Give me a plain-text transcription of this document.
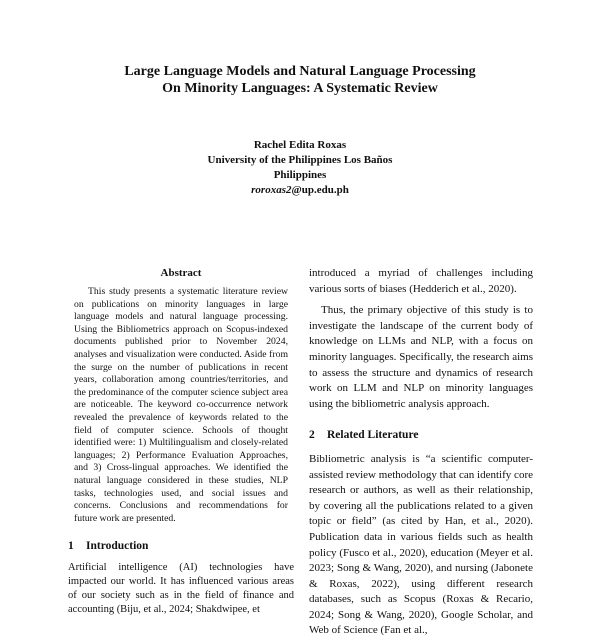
Large Language Models and Natural Language Processing
On Minority Languages: A Systematic Review
Rachel Edita Roxas
University of the Philippines Los Baños
Philippines
roroxas2@up.edu.ph
Abstract

This study presents a systematic literature review on publications on minority languages in large language models and natural language processing. Using the Bibliometrics approach on Scopus-indexed documents published prior to November 2024, analyses and visualization were conducted. Aside from the surge on the number of publications in recent years, collaboration among countries/territories, and the predominance of the computer science subject area are noticeable. The keyword co-occurrence network revealed the prevalence of keywords related to the field of computer science. Schools of thought identified were: 1) Multilingualism and closely-related languages; 2) Performance Evaluation Approaches, and 3) Cross-lingual approaches. We identified the natural language considered in these studies, NLP tasks, technologies used, and social issues and concerns. Conclusions and recommendations for future work are presented.

1 Introduction

Artificial intelligence (AI) technologies have impacted our world. It has influenced various areas of our society such as in the field of finance and accounting (Biju, et al., 2024; Shakdwipee, et

introduced a myriad of challenges including various sorts of biases (Hedderich et al., 2020).

Thus, the primary objective of this study is to investigate the landscape of the current body of knowledge on LLMs and NLP, with a focus on minority languages. Specifically, the research aims to assess the structure and dynamics of research work on LLM and NLP on minority languages using the bibliometric analysis approach.

2 Related Literature

Bibliometric analysis is “a scientific computer-assisted review methodology that can identify core research or authors, as well as their relationship, by covering all the publications related to a given topic or field” (as cited by Han, et al., 2020). Publication data in various fields such as health policy (Fusco et al., 2020), education (Meyer et al. 2023; Song & Wang, 2020), and nursing (Jabonete & Roxas, 2022), using different research databases, such as Scopus (Roxas & Recario, 2024; Song & Wang, 2020), Google Scholar, and Web of Science (Fan et al.,
